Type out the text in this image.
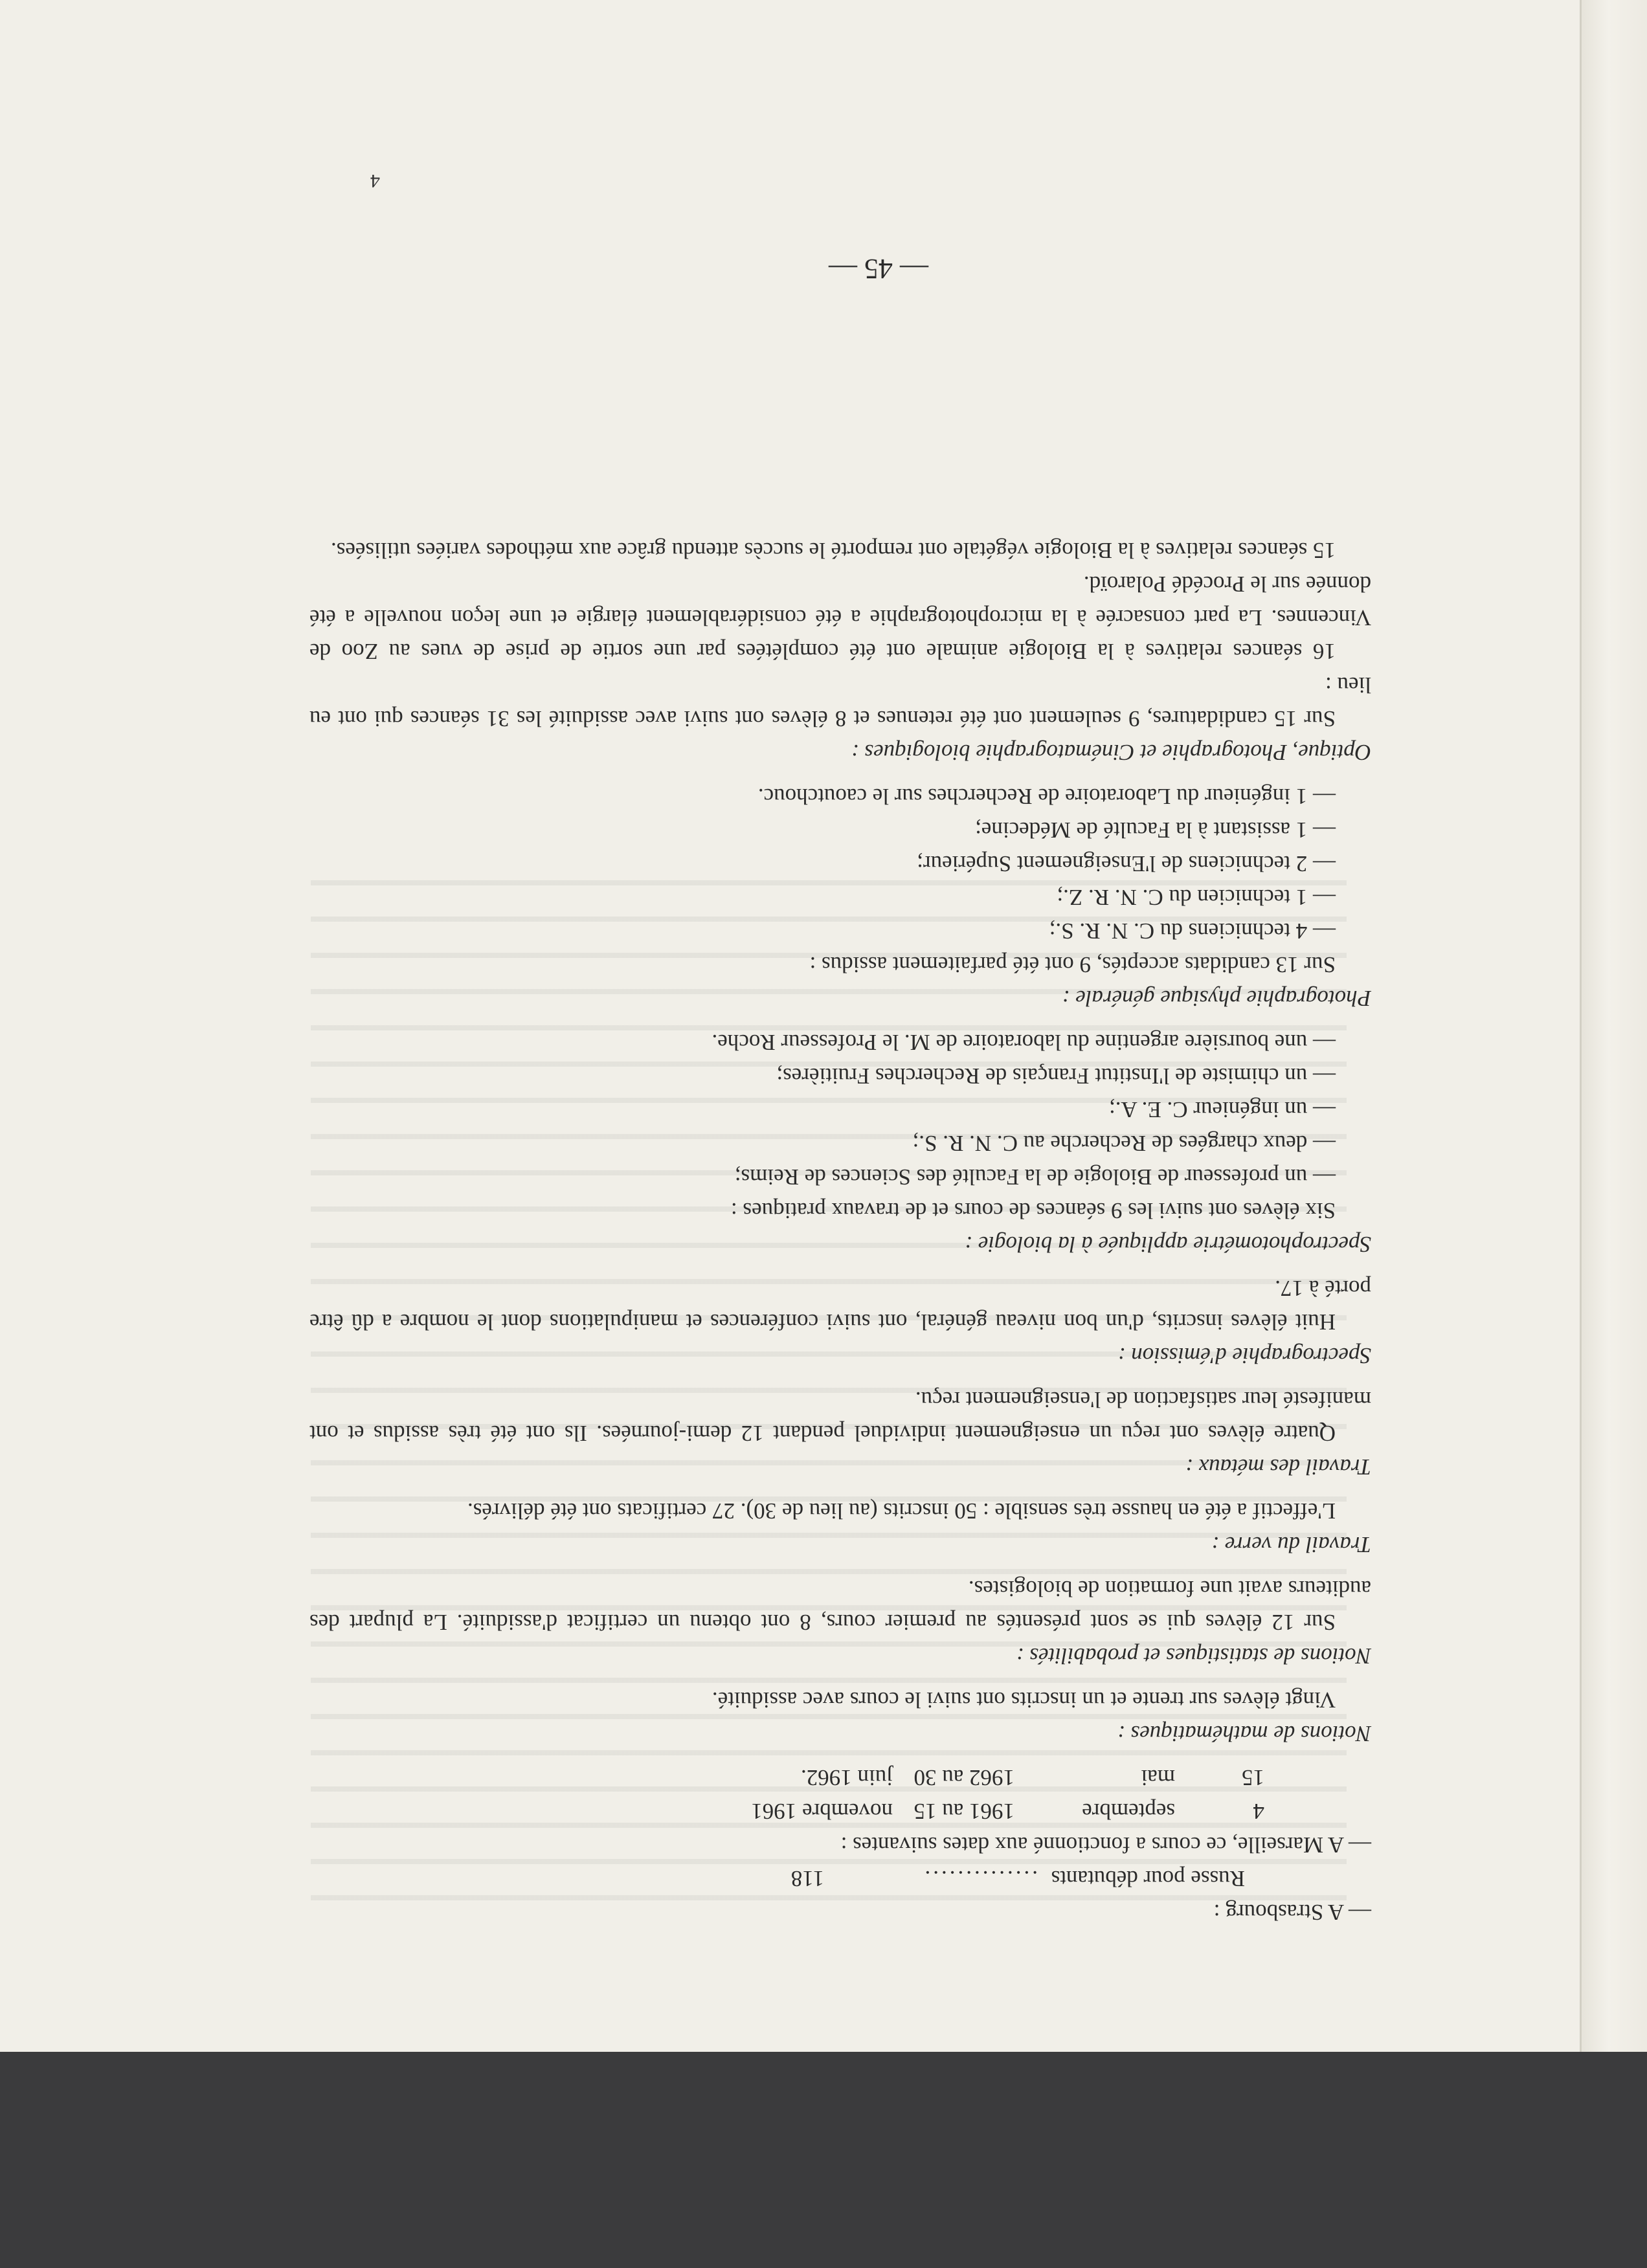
— A Strasbourg :

Russe pour débutants
..............
118

— A Marseille, ce cours a fonctionné aux dates suivantes :

4
septembre
1961 au 15
novembre 1961
15
mai
1962 au 30
juin 1962.

Notions de mathématiques :

Vingt élèves sur trente et un inscrits ont suivi le cours avec assiduité.

Notions de statistiques et probabilités :

Sur 12 élèves qui se sont présentés au premier cours, 8 ont obtenu un certificat d'assiduité. La plupart des auditeurs avait une formation de biologistes.

Travail du verre :

L'effectif a été en hausse très sensible : 50 inscrits (au lieu de 30). 27 certificats ont été délivrés.

Travail des métaux :

Quatre élèves ont reçu un enseignement individuel pendant 12 demi-journées. Ils ont été très assidus et ont manifesté leur satisfaction de l'enseignement reçu.

Spectrographie d'émission :

Huit élèves inscrits, d'un bon niveau général, ont suivi conférences et manipulations dont le nombre a dû être porté à 17.

Spectrophotométrie appliquée à la biologie :

Six élèves ont suivi les 9 séances de cours et de travaux pratiques :

— un professeur de Biologie de la Faculté des Sciences de Reims;

— deux chargées de Recherche au C. N. R. S.;

— un ingénieur C. E. A.;

— un chimiste de l'Institut Français de Recherches Fruitières;

— une boursière argentine du laboratoire de M. le Professeur Roche.

Photographie physique générale :

Sur 13 candidats acceptés, 9 ont été parfaitement assidus :

— 4 techniciens du C. N. R. S.;

— 1 technicien du C. N. R. Z.;

— 2 techniciens de l'Enseignement Supérieur;

— 1 assistant à la Faculté de Médecine;

— 1 ingénieur du Laboratoire de Recherches sur le caoutchouc.

Optique, Photographie et Cinématographie biologiques :

Sur 15 candidatures, 9 seulement ont été retenues et 8 élèves ont suivi avec assiduité les 31 séances qui ont eu lieu :

16 séances relatives à la Biologie animale ont été complétées par une sortie de prise de vues au Zoo de Vincennes. La part consacrée à la microphotographie a été considérablement élargie et une leçon nouvelle a été donnée sur le Procédé Polaroïd.

15 séances relatives à la Biologie végétale ont remporté le succès attendu grâce aux méthodes variées utilisées.

— 45 —
4
